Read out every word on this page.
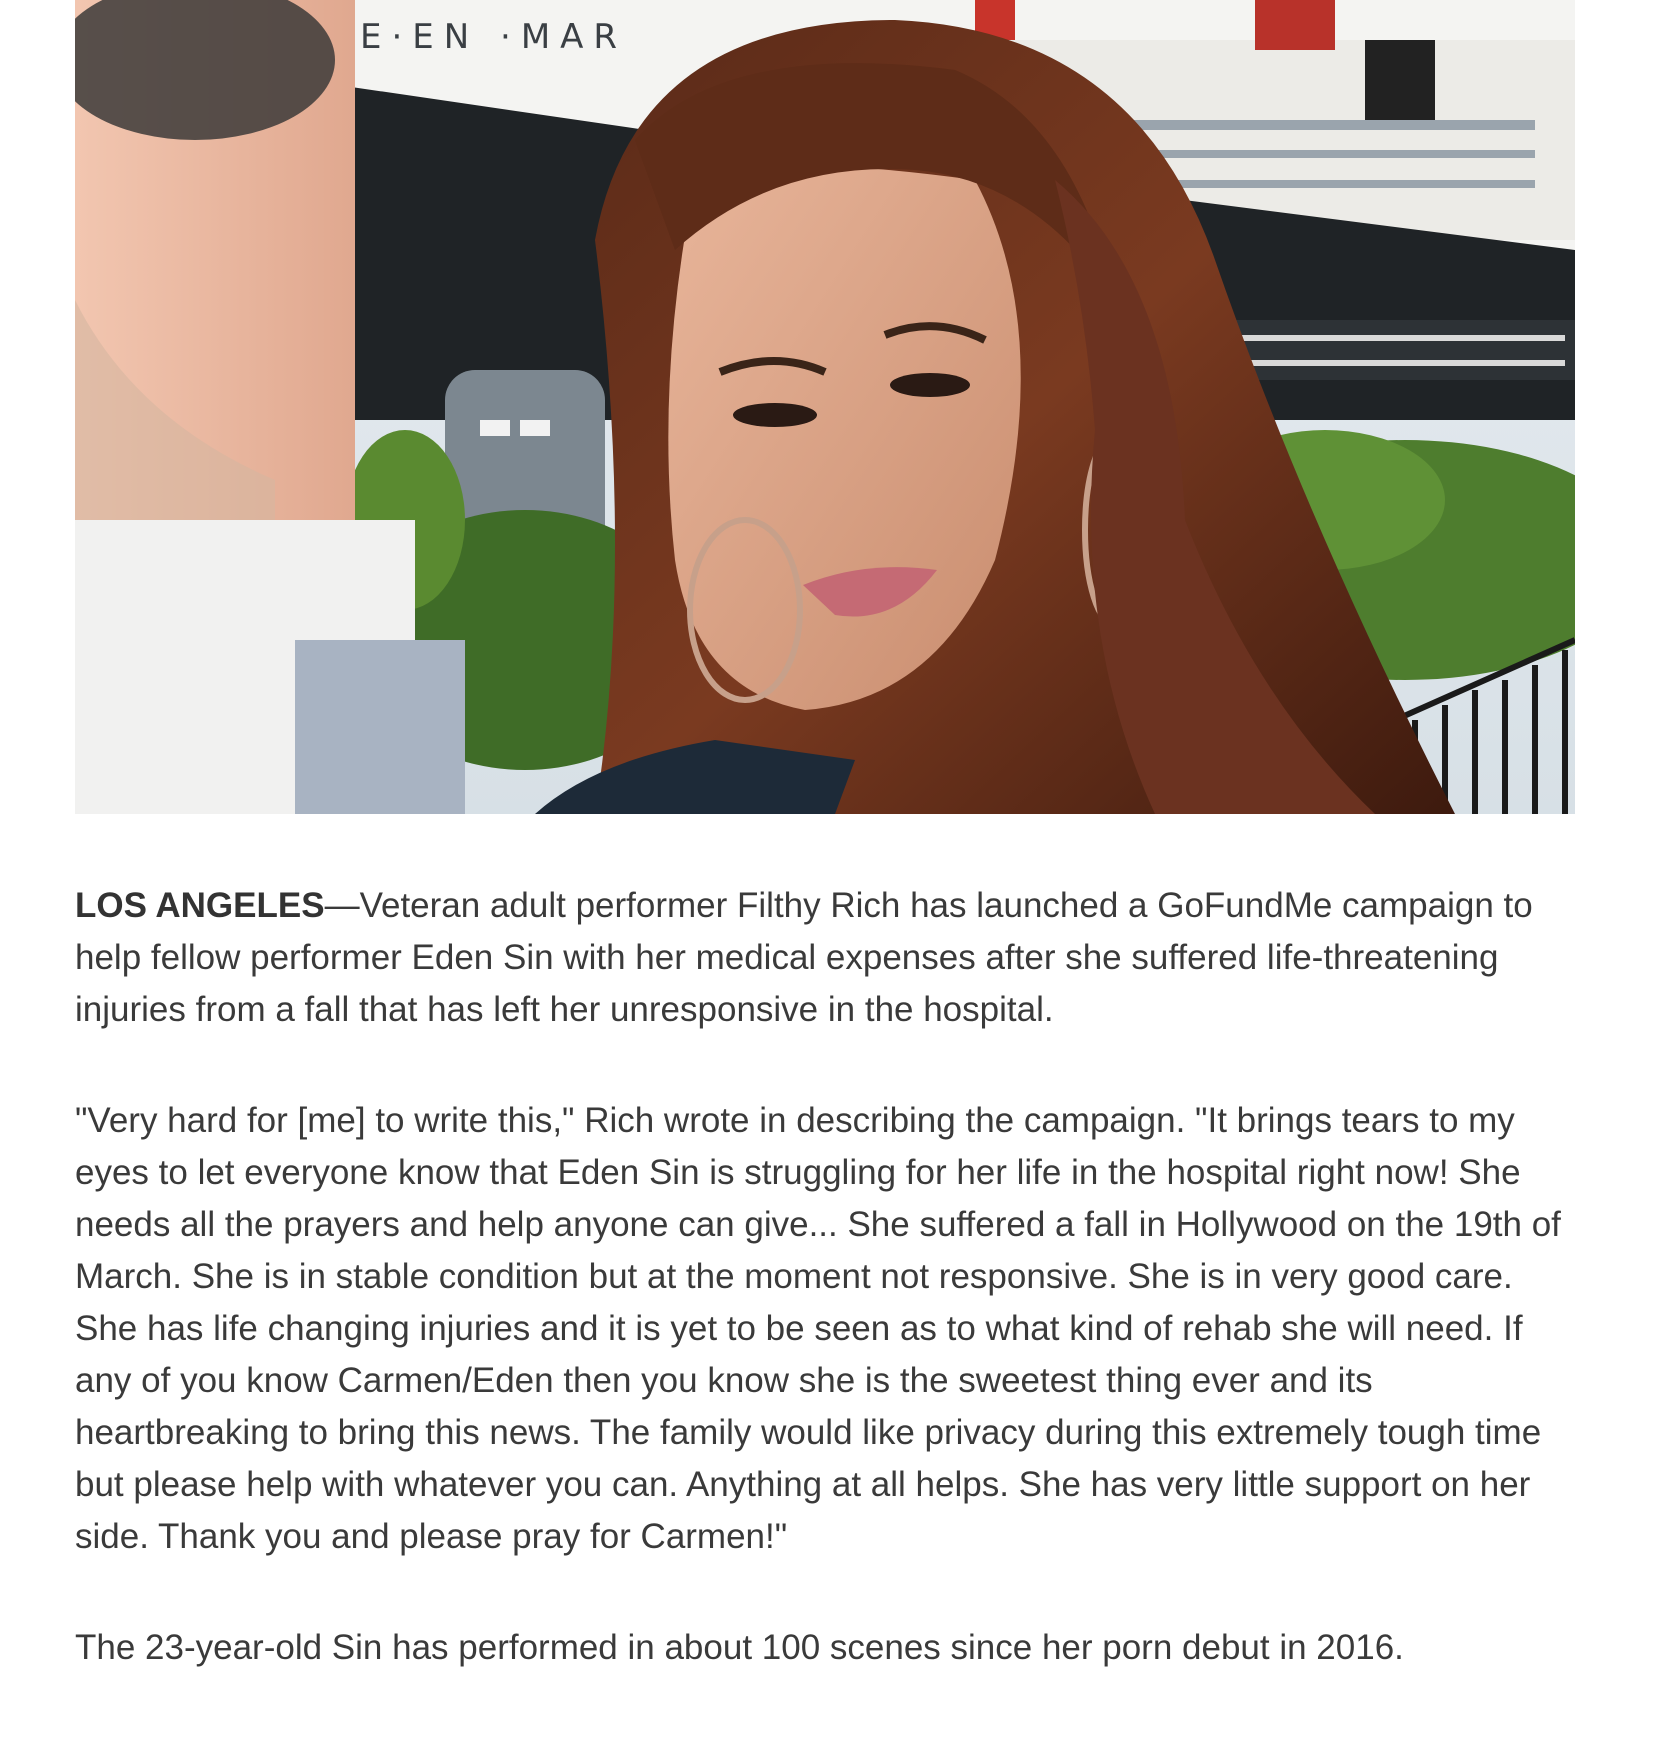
E·EN ·MAR

LOS ANGELES—Veteran adult performer Filthy Rich has launched a GoFundMe campaign to help fellow performer Eden Sin with her medical expenses after she suffered life-threatening injuries from a fall that has left her unresponsive in the hospital.

"Very hard for [me] to write this," Rich wrote in describing the campaign. "It brings tears to my eyes to let everyone know that Eden Sin is struggling for her life in the hospital right now! She needs all the prayers and help anyone can give... She suffered a fall in Hollywood on the 19th of March. She is in stable condition but at the moment not responsive. She is in very good care. She has life changing injuries and it is yet to be seen as to what kind of rehab she will need. If any of you know Carmen/Eden then you know she is the sweetest thing ever and its heartbreaking to bring this news. The family would like privacy during this extremely tough time but please help with whatever you can. Anything at all helps. She has very little support on her side. Thank you and please pray for Carmen!"

The 23-year-old Sin has performed in about 100 scenes since her porn debut in 2016.
